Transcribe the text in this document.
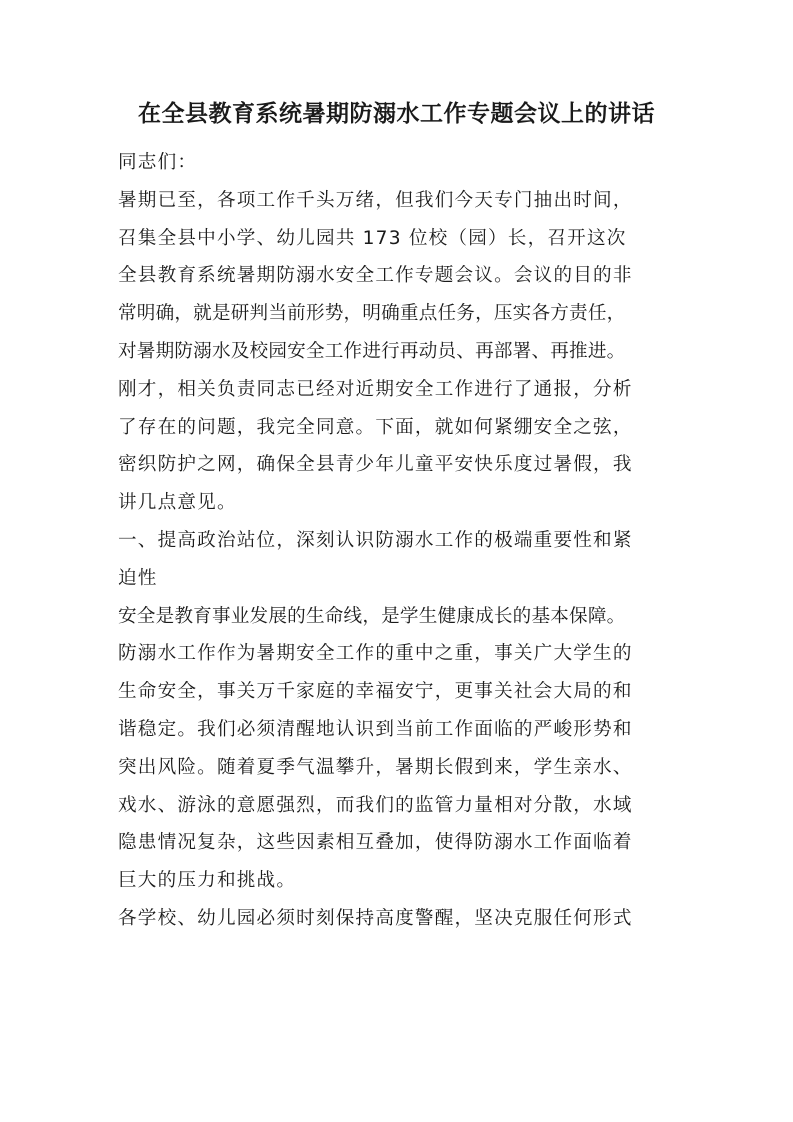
在全县教育系统暑期防溺水工作专题会议上的讲话
同志们：
暑期已至，各项工作千头万绪，但我们今天专门抽出时间，
召集全县中小学、幼儿园共 173 位校（园）长，召开这次
全县教育系统暑期防溺水安全工作专题会议。会议的目的非
常明确，就是研判当前形势，明确重点任务，压实各方责任，
对暑期防溺水及校园安全工作进行再动员、再部署、再推进。
刚才，相关负责同志已经对近期安全工作进行了通报，分析
了存在的问题，我完全同意。下面，就如何紧绷安全之弦，
密织防护之网，确保全县青少年儿童平安快乐度过暑假，我
讲几点意见。
一、提高政治站位，深刻认识防溺水工作的极端重要性和紧
迫性
安全是教育事业发展的生命线，是学生健康成长的基本保障。
防溺水工作作为暑期安全工作的重中之重，事关广大学生的
生命安全，事关万千家庭的幸福安宁，更事关社会大局的和
谐稳定。我们必须清醒地认识到当前工作面临的严峻形势和
突出风险。随着夏季气温攀升，暑期长假到来，学生亲水、
戏水、游泳的意愿强烈，而我们的监管力量相对分散，水域
隐患情况复杂，这些因素相互叠加，使得防溺水工作面临着
巨大的压力和挑战。
各学校、幼儿园必须时刻保持高度警醒，坚决克服任何形式
